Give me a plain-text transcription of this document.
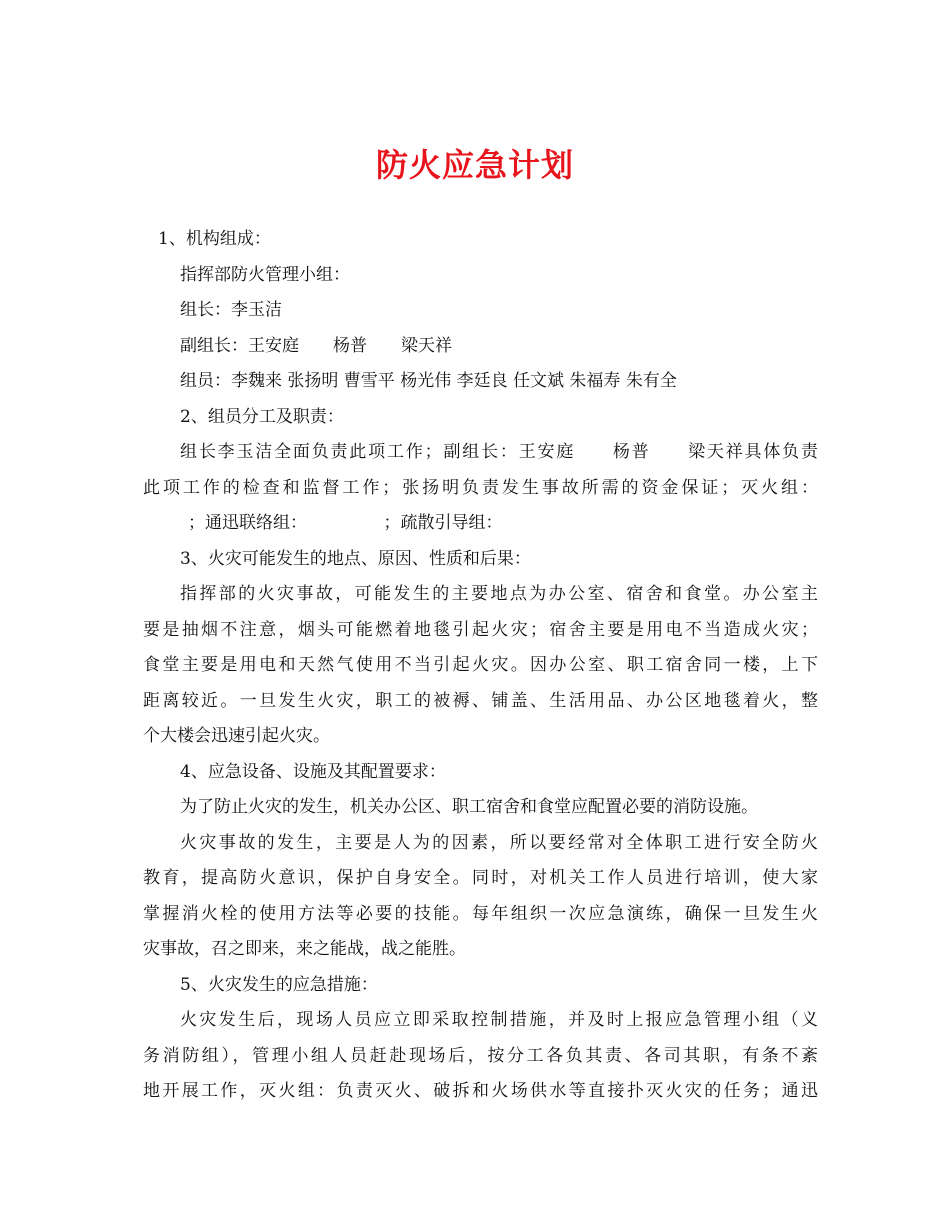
防火应急计划

1、机构组成：

指挥部防火管理小组：

组长：李玉洁

副组长：王安庭　　杨普　　梁天祥

组员：李魏来 张扬明 曹雪平 杨光伟 李廷良 任文斌 朱福寿 朱有全

2、组员分工及职责：

组长李玉洁全面负责此项工作；副组长：王安庭　　杨普　　梁天祥具体负责

此项工作的检查和监督工作；张扬明负责发生事故所需的资金保证；灭火组：

；通迅联络组：　　　　　；疏散引导组：

3、火灾可能发生的地点、原因、性质和后果：

指挥部的火灾事故，可能发生的主要地点为办公室、宿舍和食堂。办公室主

要是抽烟不注意，烟头可能燃着地毯引起火灾；宿舍主要是用电不当造成火灾；

食堂主要是用电和天然气使用不当引起火灾。因办公室、职工宿舍同一楼，上下

距离较近。一旦发生火灾，职工的被褥、铺盖、生活用品、办公区地毯着火，整

个大楼会迅速引起火灾。

4、应急设备、设施及其配置要求：

为了防止火灾的发生，机关办公区、职工宿舍和食堂应配置必要的消防设施。

火灾事故的发生，主要是人为的因素，所以要经常对全体职工进行安全防火

教育，提高防火意识，保护自身安全。同时，对机关工作人员进行培训，使大家

掌握消火栓的使用方法等必要的技能。每年组织一次应急演练，确保一旦发生火

灾事故，召之即来，来之能战，战之能胜。

5、火灾发生的应急措施：

火灾发生后，现场人员应立即采取控制措施，并及时上报应急管理小组（义

务消防组），管理小组人员赶赴现场后，按分工各负其责、各司其职，有条不紊

地开展工作，灭火组：负责灭火、破拆和火场供水等直接扑灭火灾的任务；通迅
